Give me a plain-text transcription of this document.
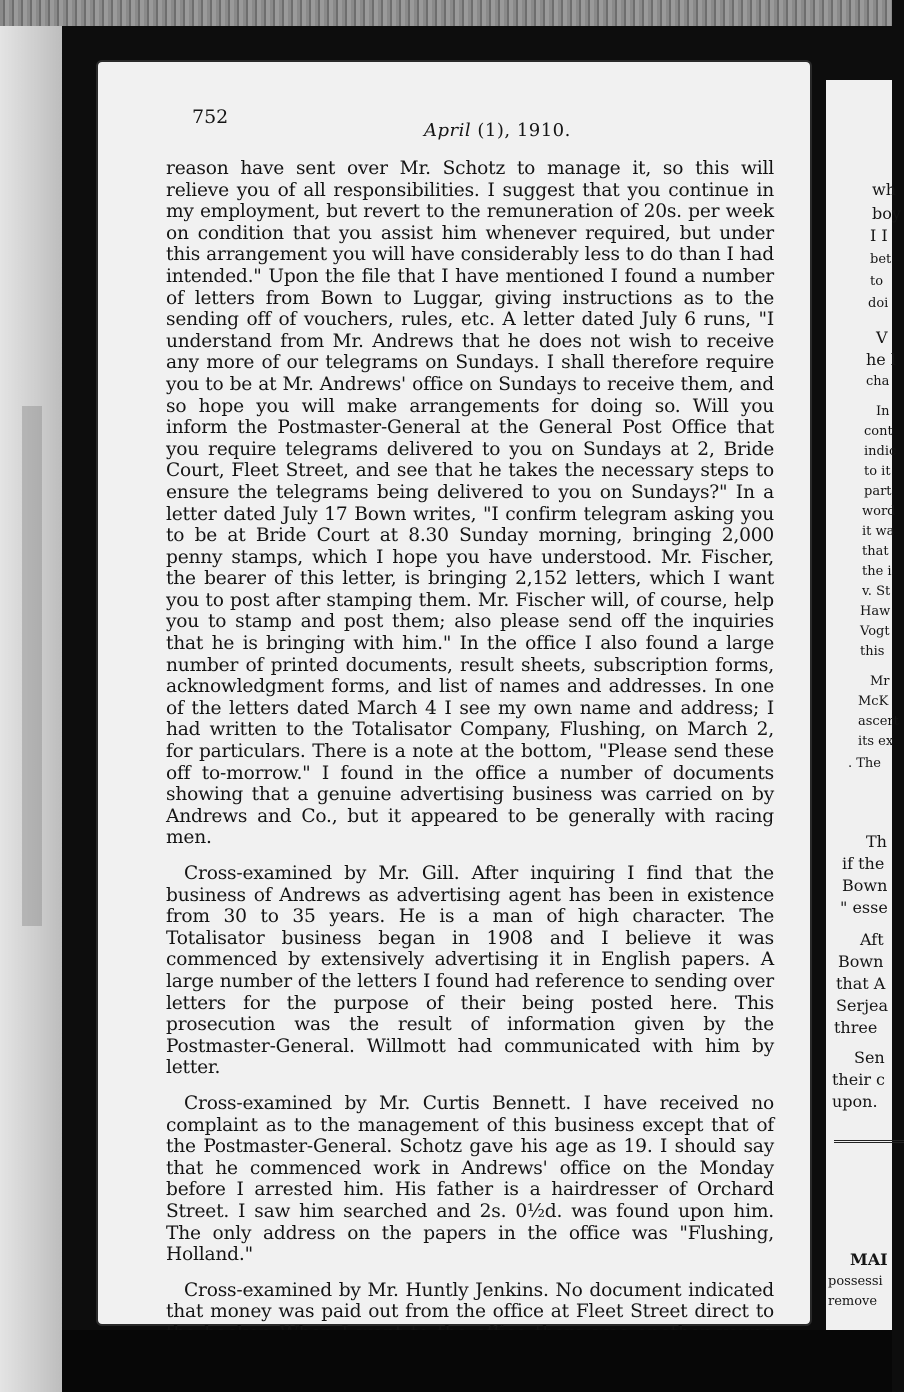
752
April (1), 1910.

reason have sent over Mr. Schotz to manage it, so this will relieve you of all responsibilities. I suggest that you continue in my employment, but revert to the remuneration of 20s. per week on condition that you assist him whenever required, but under this arrangement you will have considerably less to do than I had intended." Upon the file that I have mentioned I found a number of letters from Bown to Luggar, giving instructions as to the sending off of vouchers, rules, etc. A letter dated July 6 runs, "I understand from Mr. Andrews that he does not wish to receive any more of our telegrams on Sundays. I shall therefore require you to be at Mr. Andrews' office on Sundays to receive them, and so hope you will make arrangements for doing so. Will you inform the Postmaster-General at the General Post Office that you require telegrams delivered to you on Sundays at 2, Bride Court, Fleet Street, and see that he takes the necessary steps to ensure the telegrams being delivered to you on Sundays?" In a letter dated July 17 Bown writes, "I confirm telegram asking you to be at Bride Court at 8.30 Sunday morning, bringing 2,000 penny stamps, which I hope you have understood. Mr. Fischer, the bearer of this letter, is bringing 2,152 letters, which I want you to post after stamping them. Mr. Fischer will, of course, help you to stamp and post them; also please send off the inquiries that he is bringing with him." In the office I also found a large number of printed documents, result sheets, subscription forms, acknowledgment forms, and list of names and addresses. In one of the letters dated March 4 I see my own name and address; I had written to the Totalisator Company, Flushing, on March 2, for particulars. There is a note at the bottom, "Please send these off to-morrow." I found in the office a number of documents showing that a genuine advertising business was carried on by Andrews and Co., but it appeared to be generally with racing men.

Cross-examined by Mr. Gill. After inquiring I find that the business of Andrews as advertising agent has been in existence from 30 to 35 years. He is a man of high character. The Totalisator business began in 1908 and I believe it was commenced by extensively advertising it in English papers. A large number of the letters I found had reference to sending over letters for the purpose of their being posted here. This prosecution was the result of information given by the Postmaster-General. Willmott had communicated with him by letter.

Cross-examined by Mr. Curtis Bennett. I have received no complaint as to the management of this business except that of the Postmaster-General. Schotz gave his age as 19. I should say that he commenced work in Andrews' office on the Monday before I arrested him. His father is a hairdresser of Orchard Street. I saw him searched and 2s. 0½d. was found upon him. The only address on the papers in the office was "Flushing, Holland."

Cross-examined by Mr. Huntly Jenkins. No document indicated that money was paid out from the office at Fleet Street direct to

wh
boy
I I
bet
to
doi
V
he l
cha
In
cont
indic
to it
part
word
it wa
that
the i
v. St
Haw
Vogt
this
Mr
McK
ascert
its ex
. The
Th
if the
Bown
" esse
Aft
Bown
that A
Serjea
three
Sen
their c
upon.
MAI
possessi
remove
